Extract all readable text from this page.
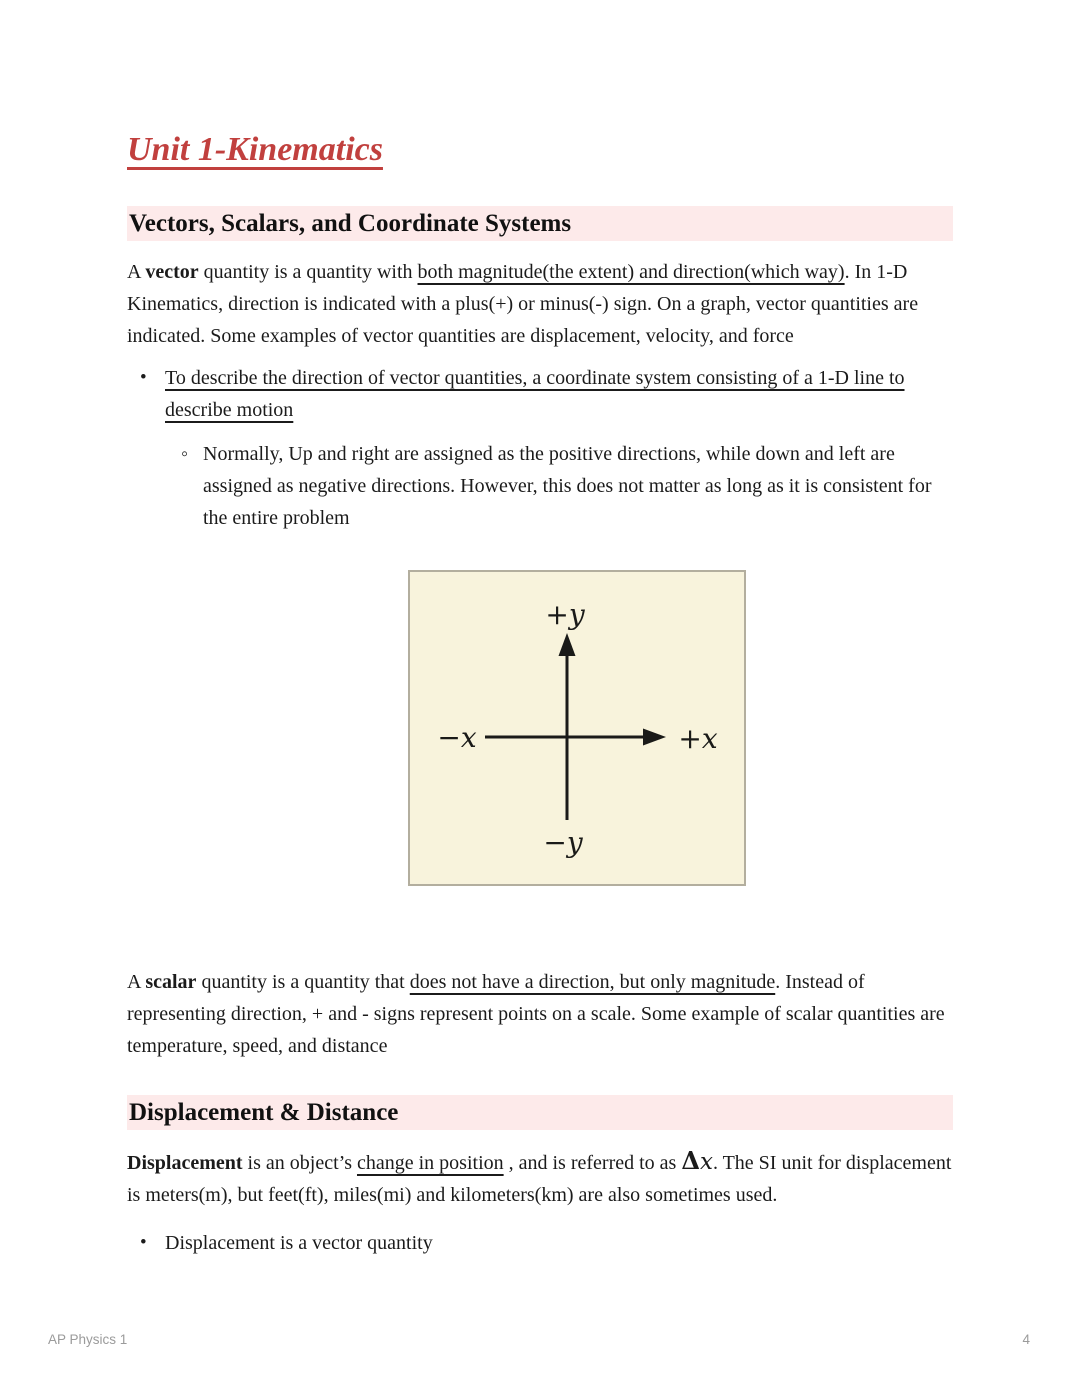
Unit 1-Kinematics
Vectors, Scalars, and Coordinate Systems

A vector quantity is a quantity with both magnitude(the extent) and direction(which way). In 1-D Kinematics, direction is indicated with a plus(+) or minus(-) sign. On a graph, vector quantities are indicated. Some examples of vector quantities are displacement, velocity, and force

• To describe the direction of vector quantities, a coordinate system consisting of a 1-D line to describe motion
◦ Normally, Up and right are assigned as the positive directions, while down and left are assigned as negative directions. However, this does not matter as long as it is consistent for the entire problem
+y
−x	+x
−y

A scalar quantity is a quantity that does not have a direction, but only magnitude. Instead of representing direction, + and - signs represent points on a scale. Some example of scalar quantities are temperature, speed, and distance

Displacement & Distance

Displacement is an object’s change in position , and is referred to as Δx. The SI unit for displacement is meters(m), but feet(ft), miles(mi) and kilometers(km) are also sometimes used.

• Displacement is a vector quantity
AP Physics 1	4
